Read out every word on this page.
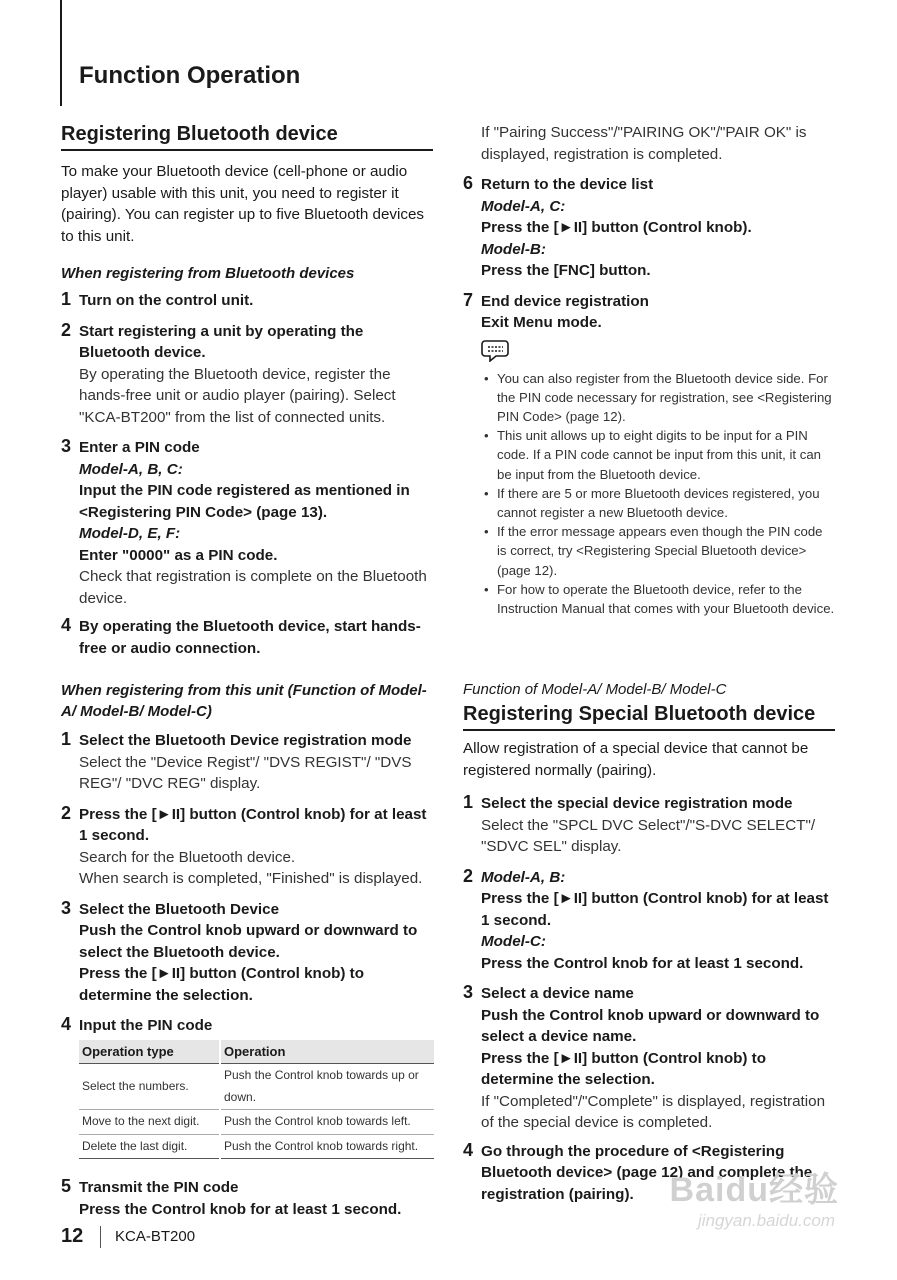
Function Operation
Registering Bluetooth device

To make your Bluetooth device (cell-phone or audio player) usable with this unit, you need to register it (pairing). You can register up to five Bluetooth devices to this unit.

When registering from Bluetooth devices

1 Turn on the control unit.
2 Start registering a unit by operating the Bluetooth device.
By operating the Bluetooth device, register the hands-free unit or audio player (pairing). Select "KCA-BT200" from the list of connected units.
3 Enter a PIN code
Model-A, B, C:
Input the PIN code registered as mentioned in <Registering PIN Code> (page 13).
Model-D, E, F:
Enter "0000" as a PIN code.
Check that registration is complete on the Bluetooth device.
4 By operating the Bluetooth device, start hands-free or audio connection.

When registering from this unit (Function of Model-A/ Model-B/ Model-C)

1 Select the Bluetooth Device registration mode
Select the "Device Regist"/ "DVS REGIST"/ "DVS REG"/ "DVC REG" display.
2 Press the [►II] button (Control knob) for at least 1 second.
Search for the Bluetooth device.
When search is completed, "Finished" is displayed.
3 Select the Bluetooth Device
Push the Control knob upward or downward to select the Bluetooth device.
Press the [►II] button (Control knob) to determine the selection.
4 Input the PIN code
Operation type	Operation
Select the numbers.	Push the Control knob towards up or down.
Move to the next digit.	Push the Control knob towards left.
Delete the last digit.	Push the Control knob towards right.
5 Transmit the PIN code
Press the Control knob for at least 1 second.
If "Pairing Success"/"PAIRING OK"/"PAIR OK" is displayed, registration is completed.
6 Return to the device list
Model-A, C:
Press the [►II] button (Control knob).
Model-B:
Press the [FNC] button.
7 End device registration
Exit Menu mode.
• You can also register from the Bluetooth device side. For the PIN code necessary for registration, see <Registering PIN Code> (page 12).
• This unit allows up to eight digits to be input for a PIN code. If a PIN code cannot be input from this unit, it can be input from the Bluetooth device.
• If there are 5 or more Bluetooth devices registered, you cannot register a new Bluetooth device.
• If the error message appears even though the PIN code is correct, try <Registering Special Bluetooth device> (page 12).
• For how to operate the Bluetooth device, refer to the Instruction Manual that comes with your Bluetooth device.

Function of Model-A/ Model-B/ Model-C

Registering Special Bluetooth device

Allow registration of a special device that cannot be registered normally (pairing).

1 Select the special device registration mode
Select the "SPCL DVC Select"/"S-DVC SELECT"/ "SDVC SEL" display.
2 Model-A, B:
Press the [►II] button (Control knob) for at least 1 second.
Model-C:
Press the Control knob for at least 1 second.
3 Select a device name
Push the Control knob upward or downward to select a device name.
Press the [►II] button (Control knob) to determine the selection.
If "Completed"/"Complete" is displayed, registration of the special device is completed.
4 Go through the procedure of <Registering Bluetooth device> (page 12) and complete the registration (pairing).
12 KCA-BT200
Baidu经验
jingyan.baidu.com
